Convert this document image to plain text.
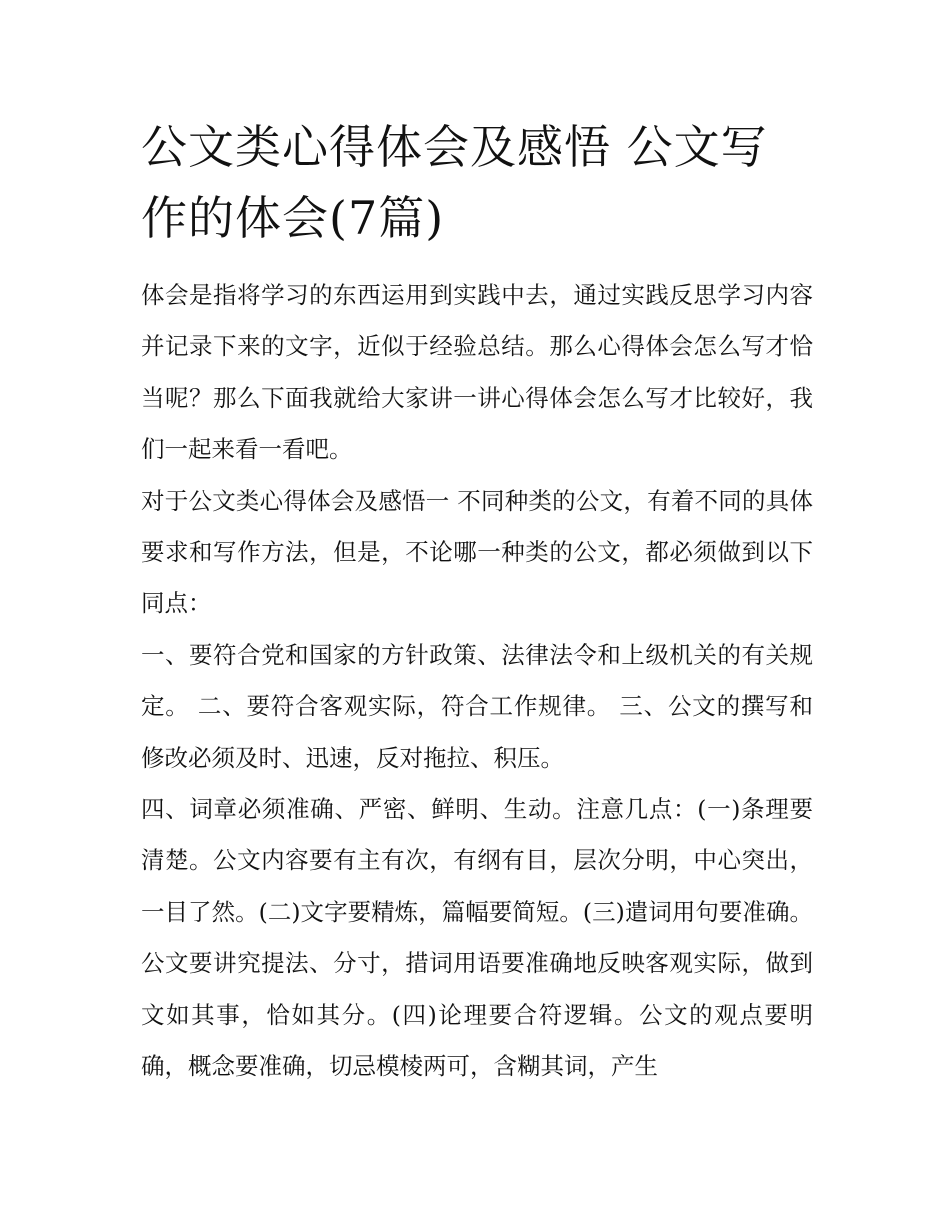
公文类心得体会及感悟 公文写作的体会(7篇)

体会是指将学习的东西运用到实践中去，通过实践反思学习内容并记录下来的文字，近似于经验总结。那么心得体会怎么写才恰当呢？那么下面我就给大家讲一讲心得体会怎么写才比较好，我们一起来看一看吧。

对于公文类心得体会及感悟一 不同种类的公文，有着不同的具体要求和写作方法，但是，不论哪一种类的公文，都必须做到以下同点：

一、要符合党和国家的方针政策、法律法令和上级机关的有关规定。 二、要符合客观实际，符合工作规律。 三、公文的撰写和修改必须及时、迅速，反对拖拉、积压。

四、词章必须准确、严密、鲜明、生动。注意几点：(一)条理要清楚。公文内容要有主有次，有纲有目，层次分明，中心突出，一目了然。(二)文字要精炼，篇幅要简短。(三)遣词用句要准确。公文要讲究提法、分寸，措词用语要准确地反映客观实际，做到文如其事，恰如其分。(四)论理要合符逻辑。公文的观点要明确，概念要准确，切忌模棱两可，含糊其词，产生
